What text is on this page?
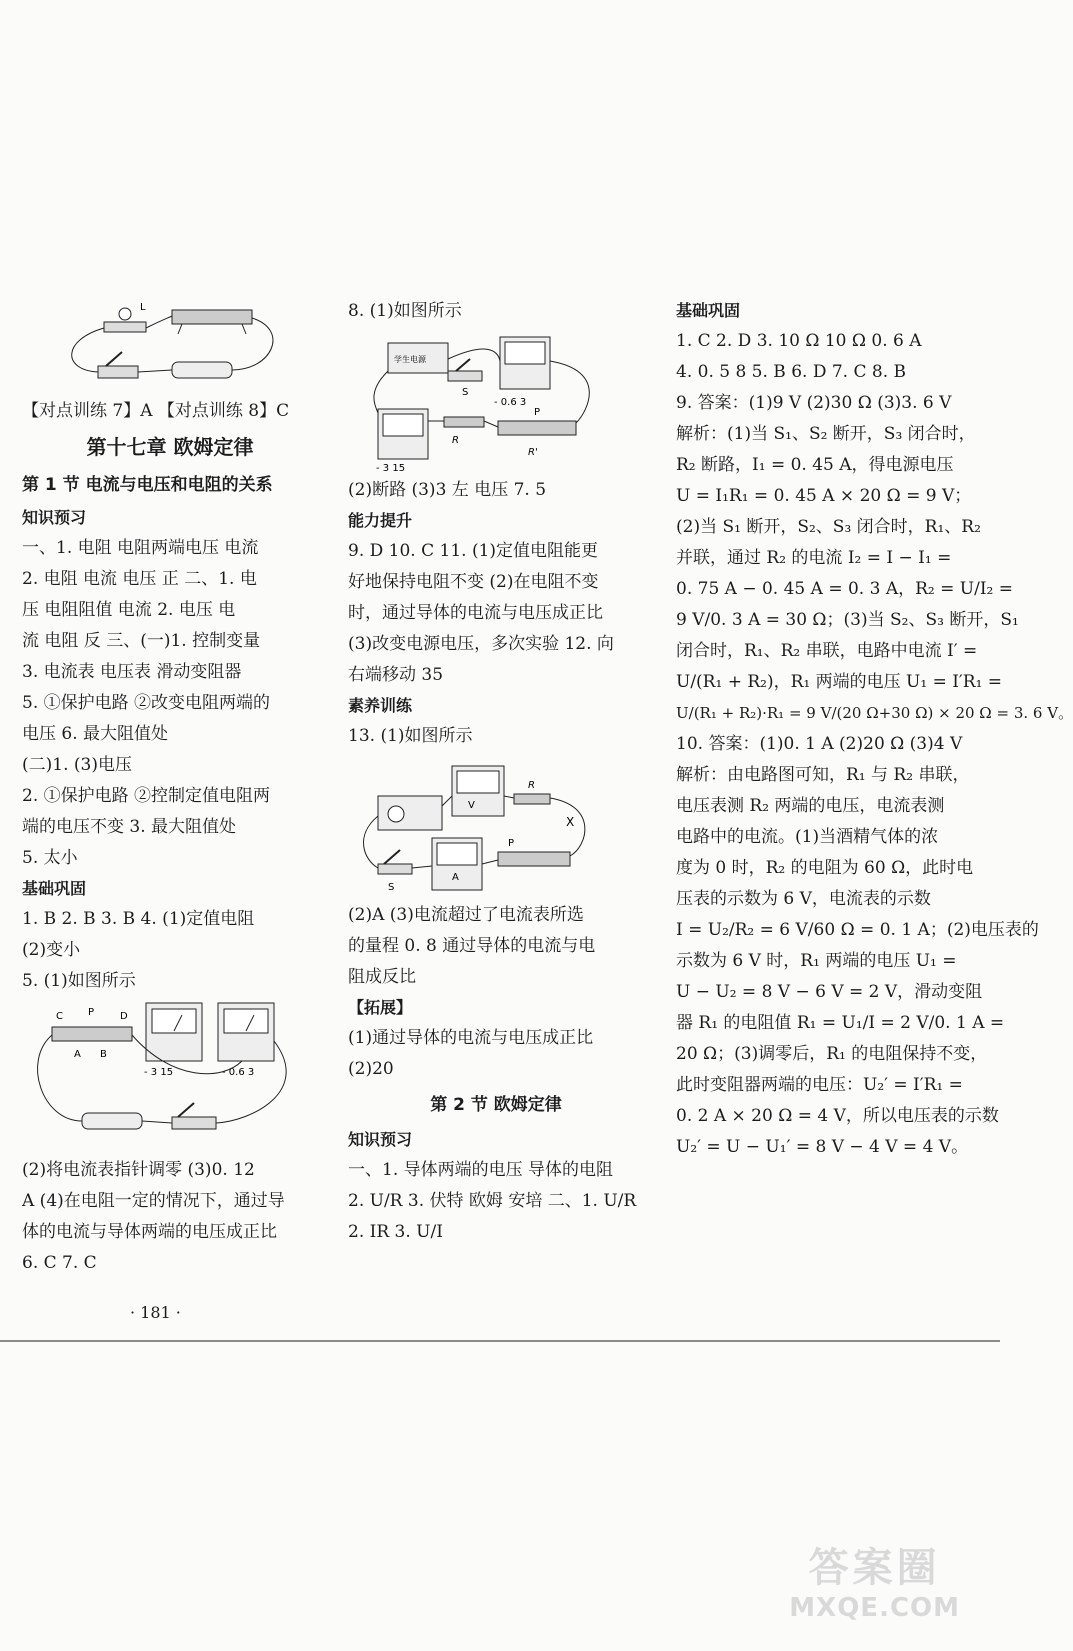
L
【对点训练 7】A 【对点训练 8】C
第十七章 欧姆定律
第 1 节 电流与电压和电阻的关系
知识预习
一、1. 电阻 电阻两端电压 电流
2. 电阻 电流 电压 正 二、1. 电
压 电阻阻值 电流 2. 电压 电
流 电阻 反 三、(一)1. 控制变量
3. 电流表 电压表 滑动变阻器
5. ①保护电路 ②改变电阻两端的
电压 6. 最大阻值处
(二)1. (3)电压
2. ①保护电路 ②控制定值电阻两
端的电压不变 3. 最大阻值处
5. 太小
基础巩固
1. B 2. B 3. B 4. (1)定值电阻
(2)变小
5. (1)如图所示
C	P	D
A B
- 3 15	- 0.6 3
(2)将电流表指针调零 (3)0. 12
A (4)在电阻一定的情况下，通过导
体的电流与导体两端的电压成正比
6. C 7. C
8. (1)如图所示
学生电源
S
- 0.6 3
- 3 15
R
P
R'
(2)断路 (3)3 左 电压 7. 5
能力提升
9. D 10. C 11. (1)定值电阻能更
好地保持电阻不变 (2)在电阻不变
时，通过导体的电流与电压成正比
(3)改变电源电压，多次实验 12. 向
右端移动 35
素养训练
13. (1)如图所示
V
R
S
A
P
X
(2)A (3)电流超过了电流表所选
的量程 0. 8 通过导体的电流与电
阻成反比
【拓展】
(1)通过导体的电流与电压成正比
(2)20
第 2 节 欧姆定律
知识预习
一、1. 导体两端的电压 导体的电阻
2. U/R 3. 伏特 欧姆 安培 二、1. U/R
2. IR 3. U/I
基础巩固
1. C 2. D 3. 10 Ω 10 Ω 0. 6 A
4. 0. 5 8 5. B 6. D 7. C 8. B
9. 答案：(1)9 V (2)30 Ω (3)3. 6 V
解析：(1)当 S₁、S₂ 断开，S₃ 闭合时，
R₂ 断路，I₁ = 0. 45 A，得电源电压
U = I₁R₁ = 0. 45 A × 20 Ω = 9 V；
(2)当 S₁ 断开，S₂、S₃ 闭合时，R₁、R₂
并联，通过 R₂ 的电流 I₂ = I − I₁ =
0. 75 A − 0. 45 A = 0. 3 A，R₂ = U/I₂ =
9 V/0. 3 A = 30 Ω；(3)当 S₂、S₃ 断开，S₁
闭合时，R₁、R₂ 串联，电路中电流 I′ =
U/(R₁ + R₂)，R₁ 两端的电压 U₁ = I′R₁ =
U/(R₁ + R₂)·R₁ = 9 V/(20 Ω+30 Ω) × 20 Ω = 3. 6 V。
10. 答案：(1)0. 1 A (2)20 Ω (3)4 V
解析：由电路图可知，R₁ 与 R₂ 串联，
电压表测 R₂ 两端的电压，电流表测
电路中的电流。(1)当酒精气体的浓
度为 0 时，R₂ 的电阻为 60 Ω，此时电
压表的示数为 6 V，电流表的示数
I = U₂/R₂ = 6 V/60 Ω = 0. 1 A；(2)电压表的
示数为 6 V 时，R₁ 两端的电压 U₁ =
U − U₂ = 8 V − 6 V = 2 V，滑动变阻
器 R₁ 的电阻值 R₁ = U₁/I = 2 V/0. 1 A =
20 Ω；(3)调零后，R₁ 的电阻保持不变，
此时变阻器两端的电压：U₂′ = I′R₁ =
0. 2 A × 20 Ω = 4 V，所以电压表的示数
U₂′ = U − U₁′ = 8 V − 4 V = 4 V。
· 181 ·
答案圈
MXQE.COM
